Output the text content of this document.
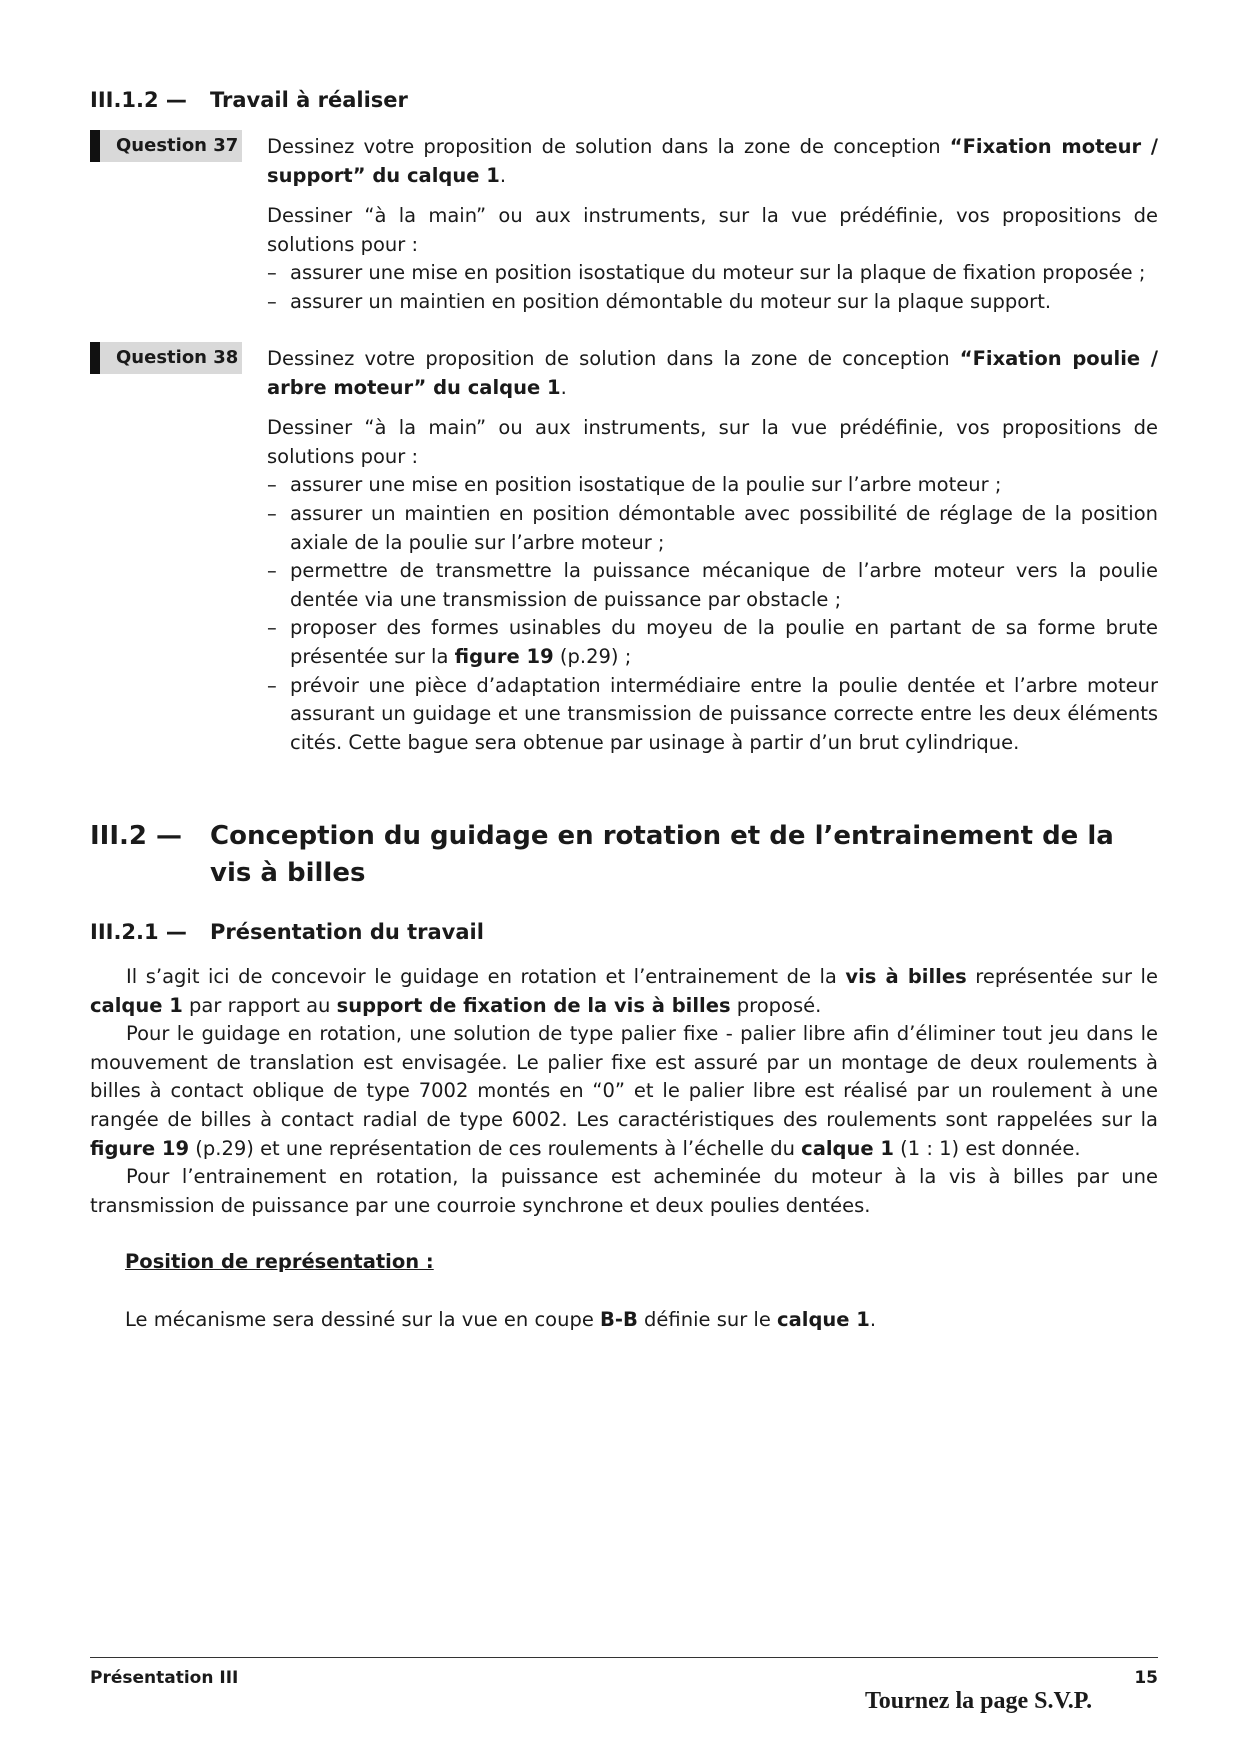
III.1.2 — Travail à réaliser
Question 37 Dessinez votre proposition de solution dans la zone de conception “Fixation moteur / support” du calque 1.

Dessiner “à la main” ou aux instruments, sur la vue prédéfinie, vos propositions de solutions pour :
– assurer une mise en position isostatique du moteur sur la plaque de fixation proposée ;
– assurer un maintien en position démontable du moteur sur la plaque support.
Question 38 Dessinez votre proposition de solution dans la zone de conception “Fixation poulie / arbre moteur” du calque 1.

Dessiner “à la main” ou aux instruments, sur la vue prédéfinie, vos propositions de solutions pour :
– assurer une mise en position isostatique de la poulie sur l’arbre moteur ;
– assurer un maintien en position démontable avec possibilité de réglage de la position axiale de la poulie sur l’arbre moteur ;
– permettre de transmettre la puissance mécanique de l’arbre moteur vers la poulie dentée via une transmission de puissance par obstacle ;
– proposer des formes usinables du moyeu de la poulie en partant de sa forme brute présentée sur la figure 19 (p.29) ;
– prévoir une pièce d’adaptation intermédiaire entre la poulie dentée et l’arbre moteur assurant un guidage et une transmission de puissance correcte entre les deux éléments cités. Cette bague sera obtenue par usinage à partir d’un brut cylindrique.
III.2 — Conception du guidage en rotation et de l’entrainement de la vis à billes
III.2.1 — Présentation du travail

Il s’agit ici de concevoir le guidage en rotation et l’entrainement de la vis à billes représentée sur le calque 1 par rapport au support de fixation de la vis à billes proposé.

Pour le guidage en rotation, une solution de type palier fixe - palier libre afin d’éliminer tout jeu dans le mouvement de translation est envisagée. Le palier fixe est assuré par un montage de deux roulements à billes à contact oblique de type 7002 montés en “0” et le palier libre est réalisé par un roulement à une rangée de billes à contact radial de type 6002. Les caractéristiques des roulements sont rappelées sur la figure 19 (p.29) et une représentation de ces roulements à l’échelle du calque 1 (1 : 1) est donnée.

Pour l’entrainement en rotation, la puissance est acheminée du moteur à la vis à billes par une transmission de puissance par une courroie synchrone et deux poulies dentées.

Position de représentation :
Le mécanisme sera dessiné sur la vue en coupe B-B définie sur le calque 1.
Présentation III	15
Tournez la page S.V.P.
